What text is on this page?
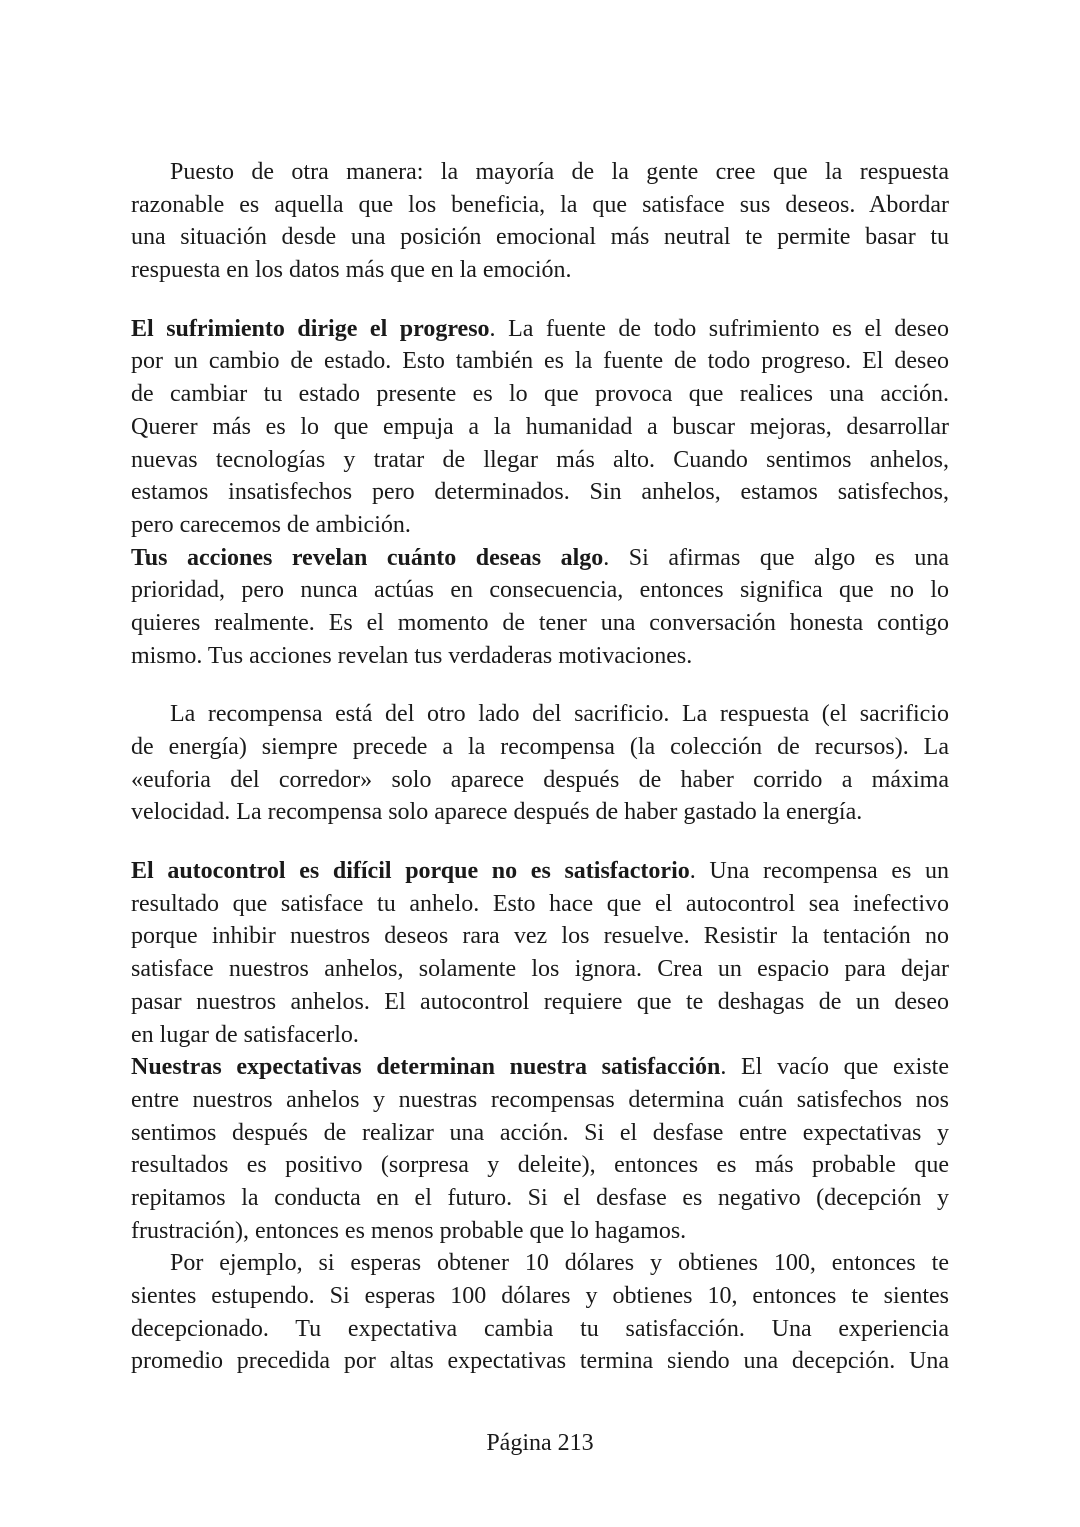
Puesto de otra manera: la mayoría de la gente cree que la respuesta
razonable es aquella que los beneficia, la que satisface sus deseos. Abordar
una situación desde una posición emocional más neutral te permite basar tu
respuesta en los datos más que en la emoción.
El sufrimiento dirige el progreso. La fuente de todo sufrimiento es el deseo
por un cambio de estado. Esto también es la fuente de todo progreso. El deseo
de cambiar tu estado presente es lo que provoca que realices una acción.
Querer más es lo que empuja a la humanidad a buscar mejoras, desarrollar
nuevas tecnologías y tratar de llegar más alto. Cuando sentimos anhelos,
estamos insatisfechos pero determinados. Sin anhelos, estamos satisfechos,
pero carecemos de ambición.
Tus acciones revelan cuánto deseas algo. Si afirmas que algo es una
prioridad, pero nunca actúas en consecuencia, entonces significa que no lo
quieres realmente. Es el momento de tener una conversación honesta contigo
mismo. Tus acciones revelan tus verdaderas motivaciones.
La recompensa está del otro lado del sacrificio. La respuesta (el sacrificio
de energía) siempre precede a la recompensa (la colección de recursos). La
«euforia del corredor» solo aparece después de haber corrido a máxima
velocidad. La recompensa solo aparece después de haber gastado la energía.
El autocontrol es difícil porque no es satisfactorio. Una recompensa es un
resultado que satisface tu anhelo. Esto hace que el autocontrol sea inefectivo
porque inhibir nuestros deseos rara vez los resuelve. Resistir la tentación no
satisface nuestros anhelos, solamente los ignora. Crea un espacio para dejar
pasar nuestros anhelos. El autocontrol requiere que te deshagas de un deseo
en lugar de satisfacerlo.
Nuestras expectativas determinan nuestra satisfacción. El vacío que existe
entre nuestros anhelos y nuestras recompensas determina cuán satisfechos nos
sentimos después de realizar una acción. Si el desfase entre expectativas y
resultados es positivo (sorpresa y deleite), entonces es más probable que
repitamos la conducta en el futuro. Si el desfase es negativo (decepción y
frustración), entonces es menos probable que lo hagamos.
Por ejemplo, si esperas obtener 10 dólares y obtienes 100, entonces te
sientes estupendo. Si esperas 100 dólares y obtienes 10, entonces te sientes
decepcionado. Tu expectativa cambia tu satisfacción. Una experiencia
promedio precedida por altas expectativas termina siendo una decepción. Una
Página 213
